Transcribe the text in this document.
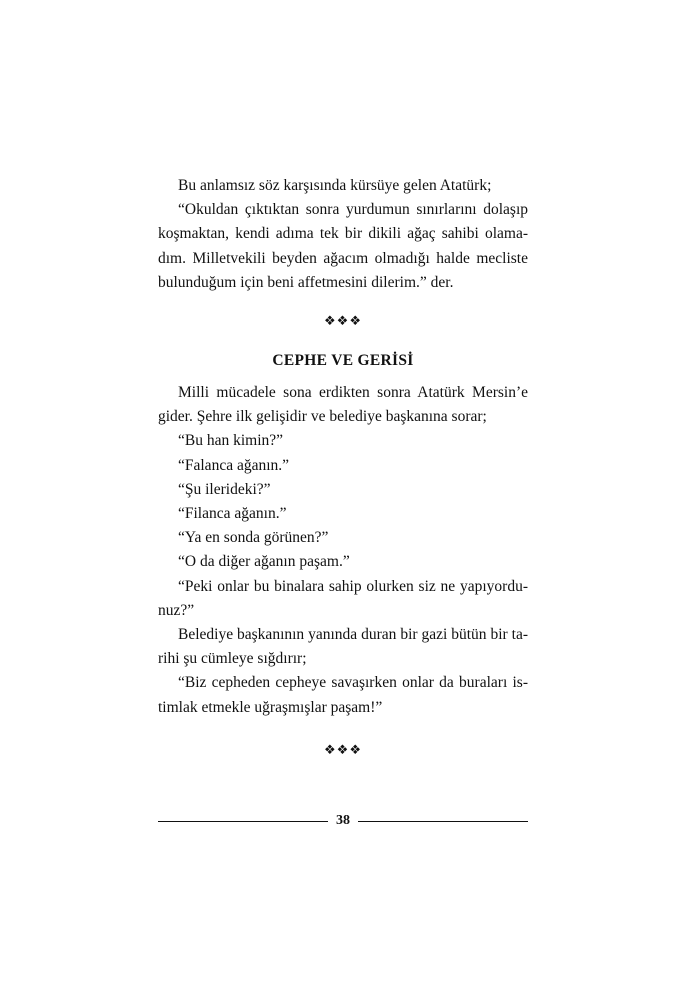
Bu anlamsız söz karşısında kürsüye gelen Atatürk;
“Okuldan çıktıktan sonra yurdumun sınırlarını dolaşıp
koşmaktan, kendi adıma tek bir dikili ağaç sahibi olama-
dım. Milletvekili beyden ağacım olmadığı halde mecliste
bulunduğum için beni affetmesini dilerim.” der.
❖❖❖
CEPHE VE GERİSİ
Milli mücadele sona erdikten sonra Atatürk Mersin’e
gider. Şehre ilk gelişidir ve belediye başkanına sorar;
“Bu han kimin?”
“Falanca ağanın.”
“Şu ilerideki?”
“Filanca ağanın.”
“Ya en sonda görünen?”
“O da diğer ağanın paşam.”
“Peki onlar bu binalara sahip olurken siz ne yapıyordu-
nuz?”
Belediye başkanının yanında duran bir gazi bütün bir ta-
rihi şu cümleye sığdırır;
“Biz cepheden cepheye savaşırken onlar da buraları is-
timlak etmekle uğraşmışlar paşam!”
❖❖❖
38
